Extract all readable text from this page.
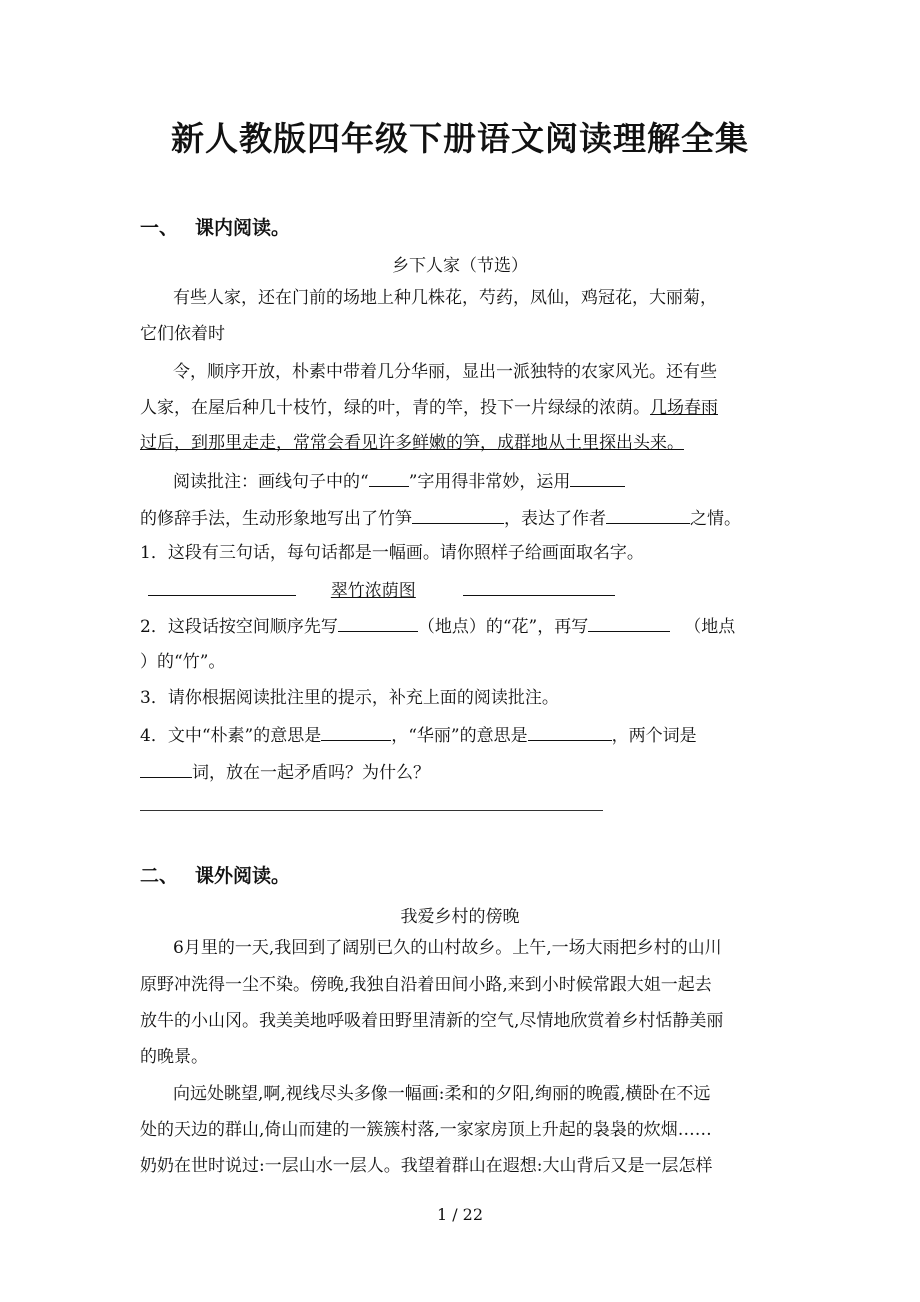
新人教版四年级下册语文阅读理解全集
一、 课内阅读。
乡下人家（节选）
有些人家，还在门前的场地上种几株花，芍药，凤仙，鸡冠花，大丽菊，
它们依着时
令，顺序开放，朴素中带着几分华丽，显出一派独特的农家风光。还有些
人家，在屋后种几十枝竹，绿的叶，青的竿，投下一片绿绿的浓荫。几场春雨
过后，到那里走走，常常会看见许多鲜嫩的笋，成群地从土里探出头来。
阅读批注：画线句子中的“ ”字用得非常妙，运用
的修辞手法，生动形象地写出了竹笋	，表达了作者	之情。
1．这段有三句话，每句话都是一幅画。请你照样子给画面取名字。
翠竹浓荫图
2．这段话按空间顺序先写	（地点）的“花”，再写	（地点
）的“竹”。
3．请你根据阅读批注里的提示，补充上面的阅读批注。
4．文中“朴素”的意思是	，“华丽”的意思是	，两个词是
词，放在一起矛盾吗？为什么？
二、 课外阅读。
我爱乡村的傍晚
6月里的一天,我回到了阔别已久的山村故乡。上午,一场大雨把乡村的山川
原野冲洗得一尘不染。傍晚,我独自沿着田间小路,来到小时候常跟大姐一起去
放牛的小山冈。我美美地呼吸着田野里清新的空气,尽情地欣赏着乡村恬静美丽
的晚景。
向远处眺望,啊,视线尽头多像一幅画:柔和的夕阳,绚丽的晚霞,横卧在不远
处的天边的群山,倚山而建的一簇簇村落,一家家房顶上升起的袅袅的炊烟……
奶奶在世时说过:一层山水一层人。我望着群山在遐想:大山背后又是一层怎样
1 / 22
